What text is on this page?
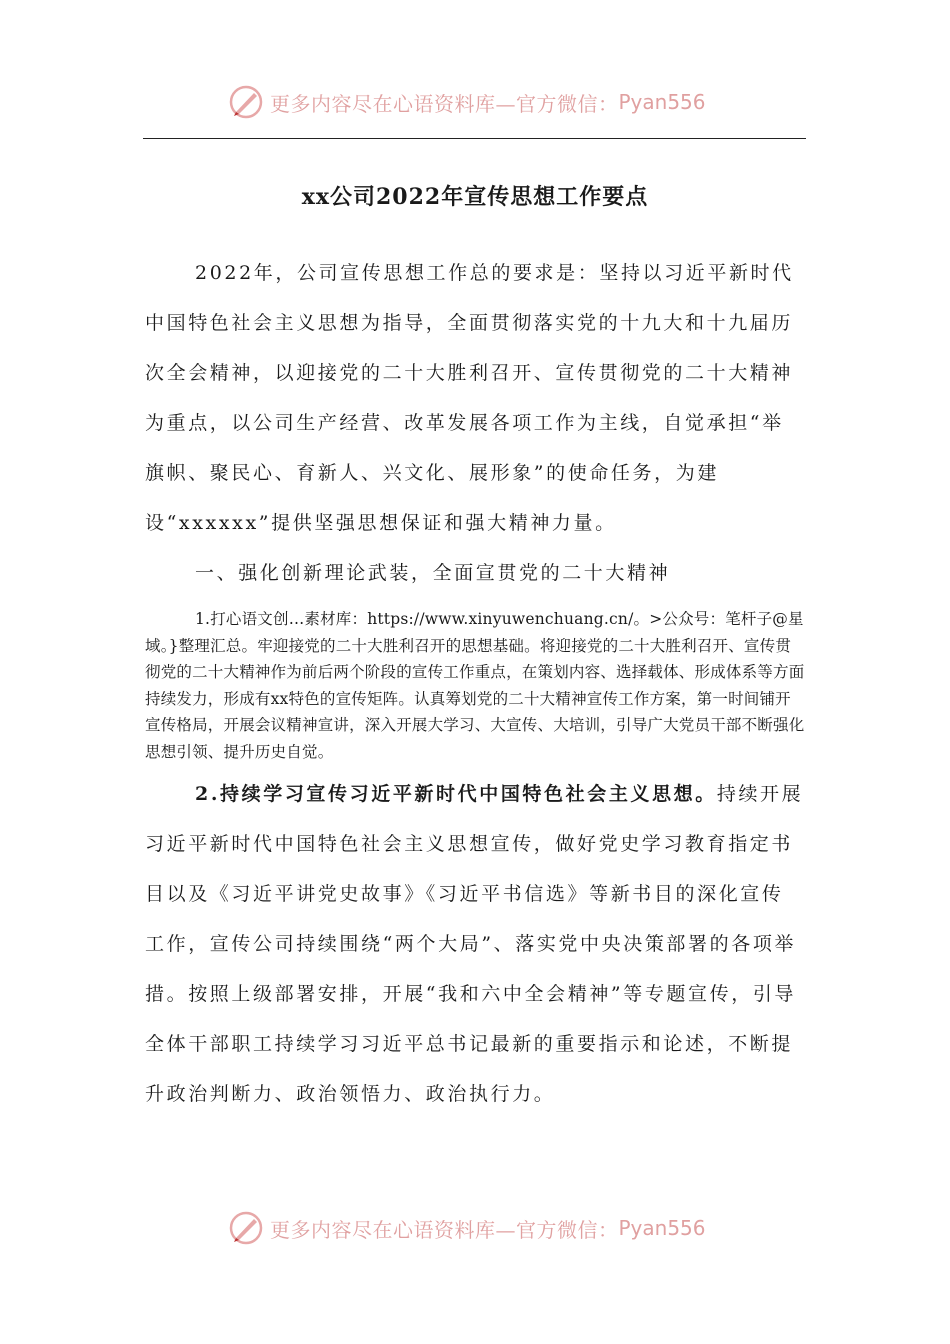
更多内容尽在心语资料库—官方微信： Pyan556
xx公司2022年宣传思想工作要点

2022年，公司宣传思想工作总的要求是：坚持以习近平新时代中国特色社会主义思想为指导，全面贯彻落实党的十九大和十九届历次全会精神，以迎接党的二十大胜利召开、宣传贯彻党的二十大精神为重点，以公司生产经营、改革发展各项工作为主线，自觉承担“举旗帜、聚民心、育新人、兴文化、展形象”的使命任务，为建设“xxxxxx”提供坚强思想保证和强大精神力量。

一、强化创新理论武装，全面宣贯党的二十大精神

1.打心语文创…素材库：https://www.xinyuwenchuang.cn/。>公众号：笔杆子@星域。}整理汇总。牢迎接党的二十大胜利召开的思想基础。将迎接党的二十大胜利召开、宣传贯彻党的二十大精神作为前后两个阶段的宣传工作重点，在策划内容、选择载体、形成体系等方面持续发力，形成有xx特色的宣传矩阵。认真筹划党的二十大精神宣传工作方案，第一时间铺开宣传格局，开展会议精神宣讲，深入开展大学习、大宣传、大培训，引导广大党员干部不断强化思想引领、提升历史自觉。

2.持续学习宣传习近平新时代中国特色社会主义思想。持续开展习近平新时代中国特色社会主义思想宣传，做好党史学习教育指定书目以及《习近平讲党史故事》《习近平书信选》等新书目的深化宣传工作，宣传公司持续围绕“两个大局”、落实党中央决策部署的各项举措。按照上级部署安排，开展“我和六中全会精神”等专题宣传，引导全体干部职工持续学习习近平总书记最新的重要指示和论述，不断提升政治判断力、政治领悟力、政治执行力。

更多内容尽在心语资料库—官方微信： Pyan556
